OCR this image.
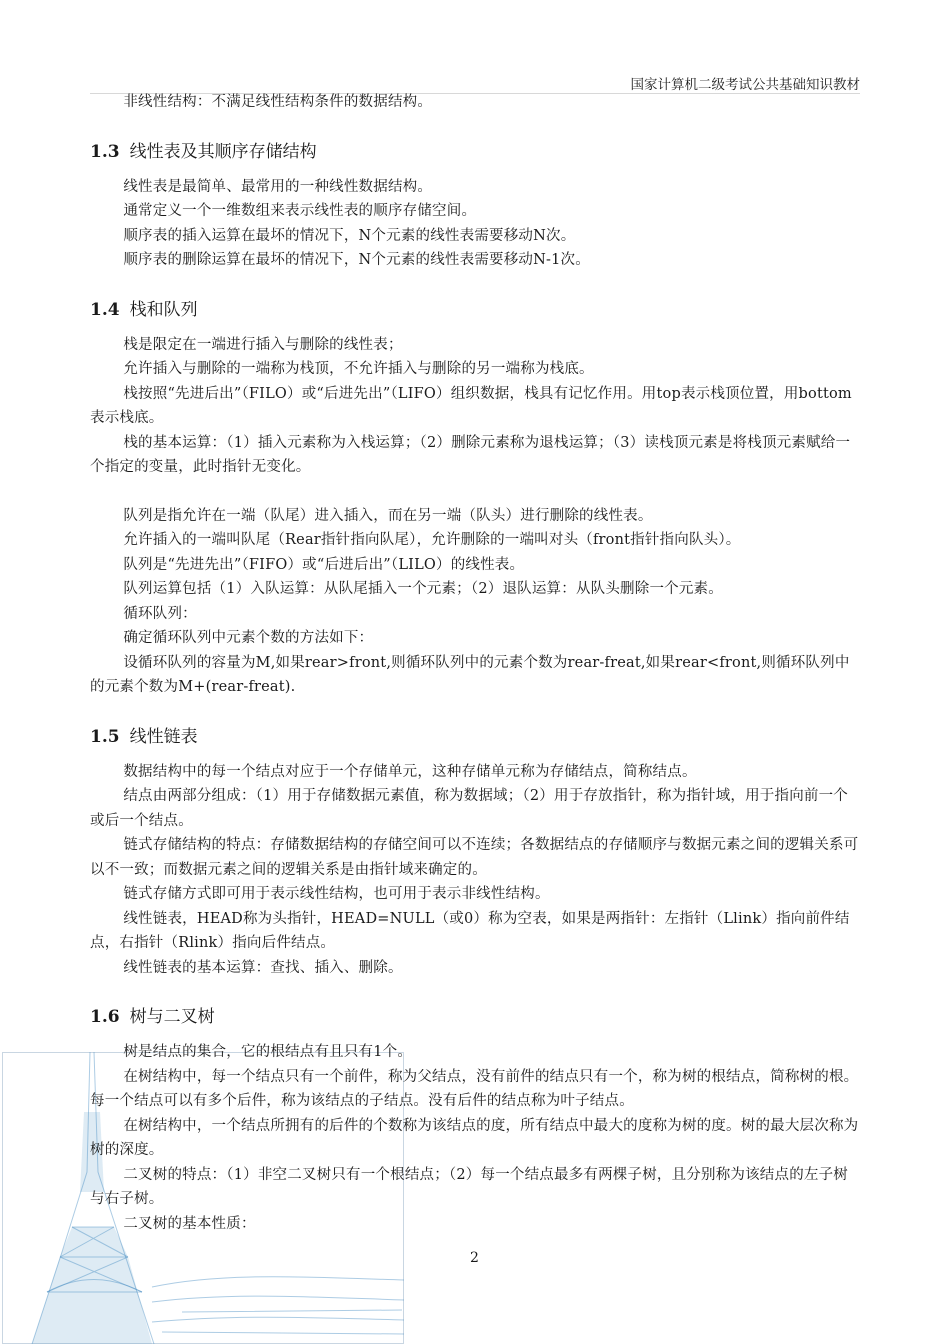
国家计算机二级考试公共基础知识教材

非线性结构：不满足线性结构条件的数据结构。

1.3 线性表及其顺序存储结构

线性表是最简单、最常用的一种线性数据结构。

通常定义一个一维数组来表示线性表的顺序存储空间。

顺序表的插入运算在最坏的情况下，N个元素的线性表需要移动N次。

顺序表的删除运算在最坏的情况下，N个元素的线性表需要移动N-1次。

1.4 栈和队列

栈是限定在一端进行插入与删除的线性表；

允许插入与删除的一端称为栈顶，不允许插入与删除的另一端称为栈底。

栈按照“先进后出”（FILO）或“后进先出”（LIFO）组织数据，栈具有记忆作用。用top表示栈顶位置，用bottom表示栈底。

栈的基本运算：（1）插入元素称为入栈运算；（2）删除元素称为退栈运算；（3）读栈顶元素是将栈顶元素赋给一个指定的变量，此时指针无变化。

队列是指允许在一端（队尾）进入插入，而在另一端（队头）进行删除的线性表。

允许插入的一端叫队尾（Rear指针指向队尾），允许删除的一端叫对头（front指针指向队头）。

队列是“先进先出”（FIFO）或“后进后出”（LILO）的线性表。

队列运算包括（1）入队运算：从队尾插入一个元素；（2）退队运算：从队头删除一个元素。

循环队列：

确定循环队列中元素个数的方法如下：

设循环队列的容量为M,如果rear>front,则循环队列中的元素个数为rear-freat,如果rear<front,则循环队列中的元素个数为M+(rear-freat).

1.5 线性链表

数据结构中的每一个结点对应于一个存储单元，这种存储单元称为存储结点，简称结点。

结点由两部分组成：（1）用于存储数据元素值，称为数据域；（2）用于存放指针，称为指针域，用于指向前一个或后一个结点。

链式存储结构的特点：存储数据结构的存储空间可以不连续；各数据结点的存储顺序与数据元素之间的逻辑关系可以不一致；而数据元素之间的逻辑关系是由指针域来确定的。

链式存储方式即可用于表示线性结构，也可用于表示非线性结构。

线性链表，HEAD称为头指针，HEAD=NULL（或0）称为空表，如果是两指针：左指针（Llink）指向前件结点，右指针（Rlink）指向后件结点。

线性链表的基本运算：查找、插入、删除。

1.6 树与二叉树

树是结点的集合，它的根结点有且只有1个。

在树结构中，每一个结点只有一个前件，称为父结点，没有前件的结点只有一个，称为树的根结点，简称树的根。每一个结点可以有多个后件，称为该结点的子结点。没有后件的结点称为叶子结点。

在树结构中，一个结点所拥有的后件的个数称为该结点的度，所有结点中最大的度称为树的度。树的最大层次称为树的深度。

二叉树的特点：（1）非空二叉树只有一个根结点；（2）每一个结点最多有两棵子树，且分别称为该结点的左子树与右子树。

二叉树的基本性质：

2
